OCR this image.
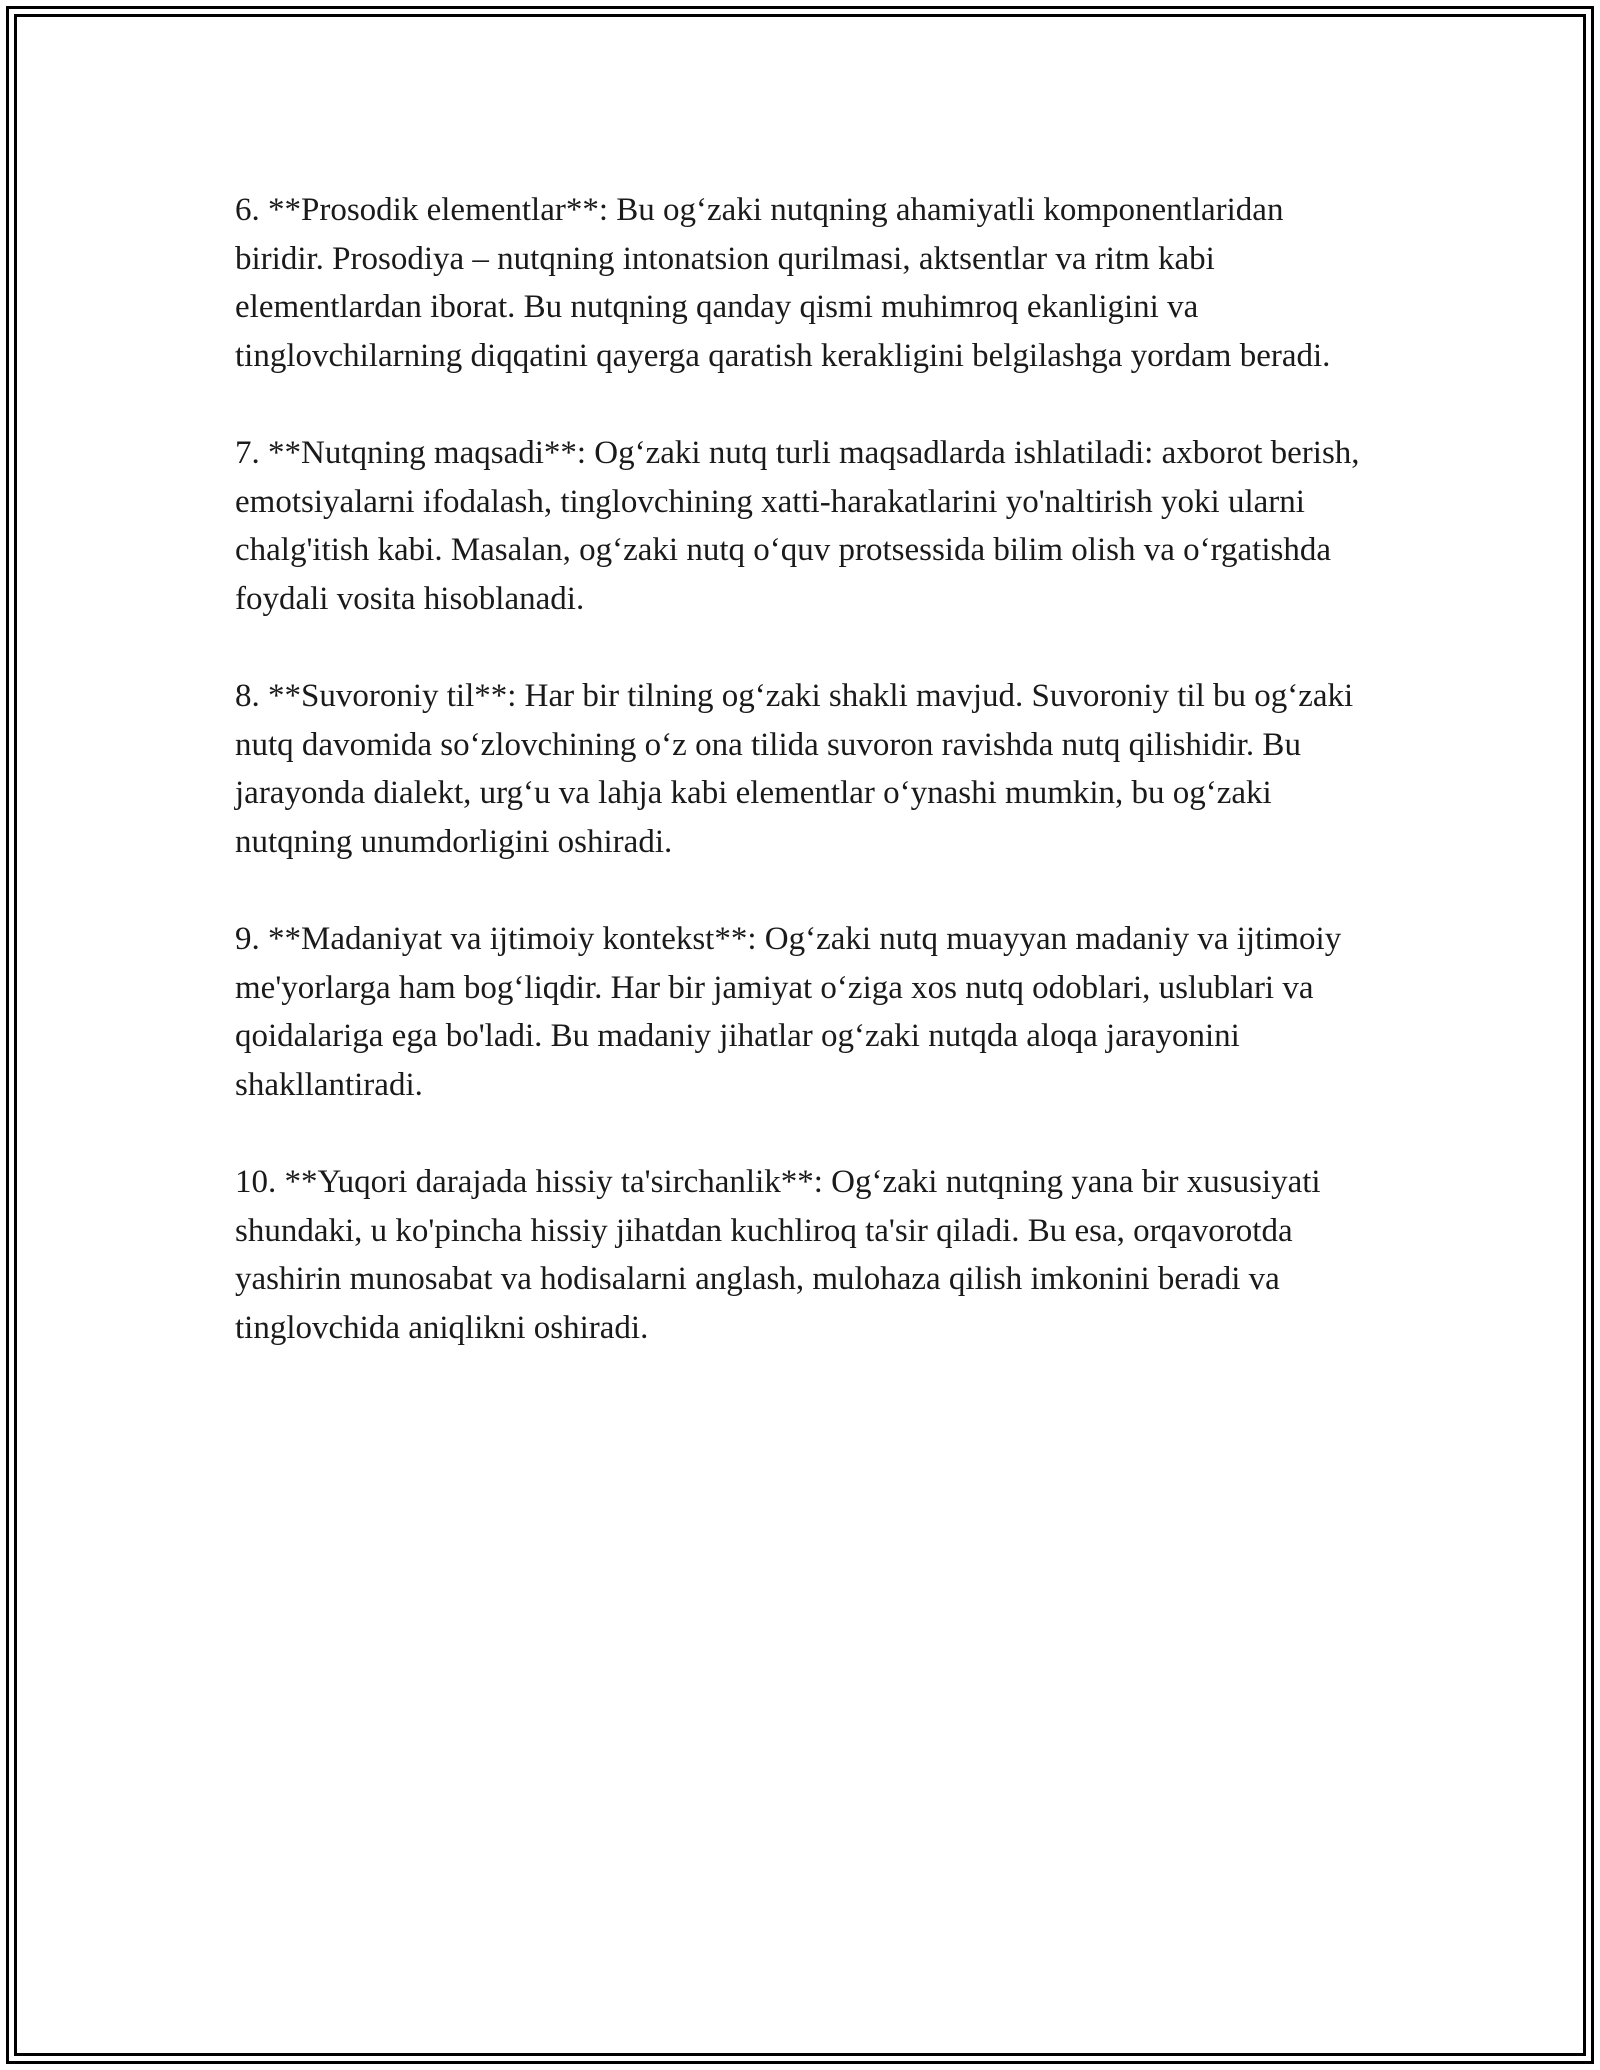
6. **Prosodik elementlar**: Bu og‘zaki nutqning ahamiyatli komponentlaridan biridir. Prosodiya – nutqning intonatsion qurilmasi, aktsentlar va ritm kabi elementlardan iborat. Bu nutqning qanday qismi muhimroq ekanligini va tinglovchilarning diqqatini qayerga qaratish kerakligini belgilashga yordam beradi.

7. **Nutqning maqsadi**: Og‘zaki nutq turli maqsadlarda ishlatiladi: axborot berish, emotsiyalarni ifodalash, tinglovchining xatti-harakatlarini yo'naltirish yoki ularni chalg'itish kabi. Masalan, og‘zaki nutq o‘quv protsessida bilim olish va o‘rgatishda foydali vosita hisoblanadi.

8. **Suvoroniy til**: Har bir tilning og‘zaki shakli mavjud. Suvoroniy til bu og‘zaki nutq davomida so‘zlovchining o‘z ona tilida suvoron ravishda nutq qilishidir. Bu jarayonda dialekt, urg‘u va lahja kabi elementlar o‘ynashi mumkin, bu og‘zaki nutqning unumdorligini oshiradi.

9. **Madaniyat va ijtimoiy kontekst**: Og‘zaki nutq muayyan madaniy va ijtimoiy me'yorlarga ham bog‘liqdir. Har bir jamiyat o‘ziga xos nutq odoblari, uslublari va qoidalariga ega bo'ladi. Bu madaniy jihatlar og‘zaki nutqda aloqa jarayonini shakllantiradi.

10. **Yuqori darajada hissiy ta'sirchanlik**: Og‘zaki nutqning yana bir xususiyati shundaki, u ko'pincha hissiy jihatdan kuchliroq ta'sir qiladi. Bu esa, orqavorotda yashirin munosabat va hodisalarni anglash, mulohaza qilish imkonini beradi va tinglovchida aniqlikni oshiradi.
